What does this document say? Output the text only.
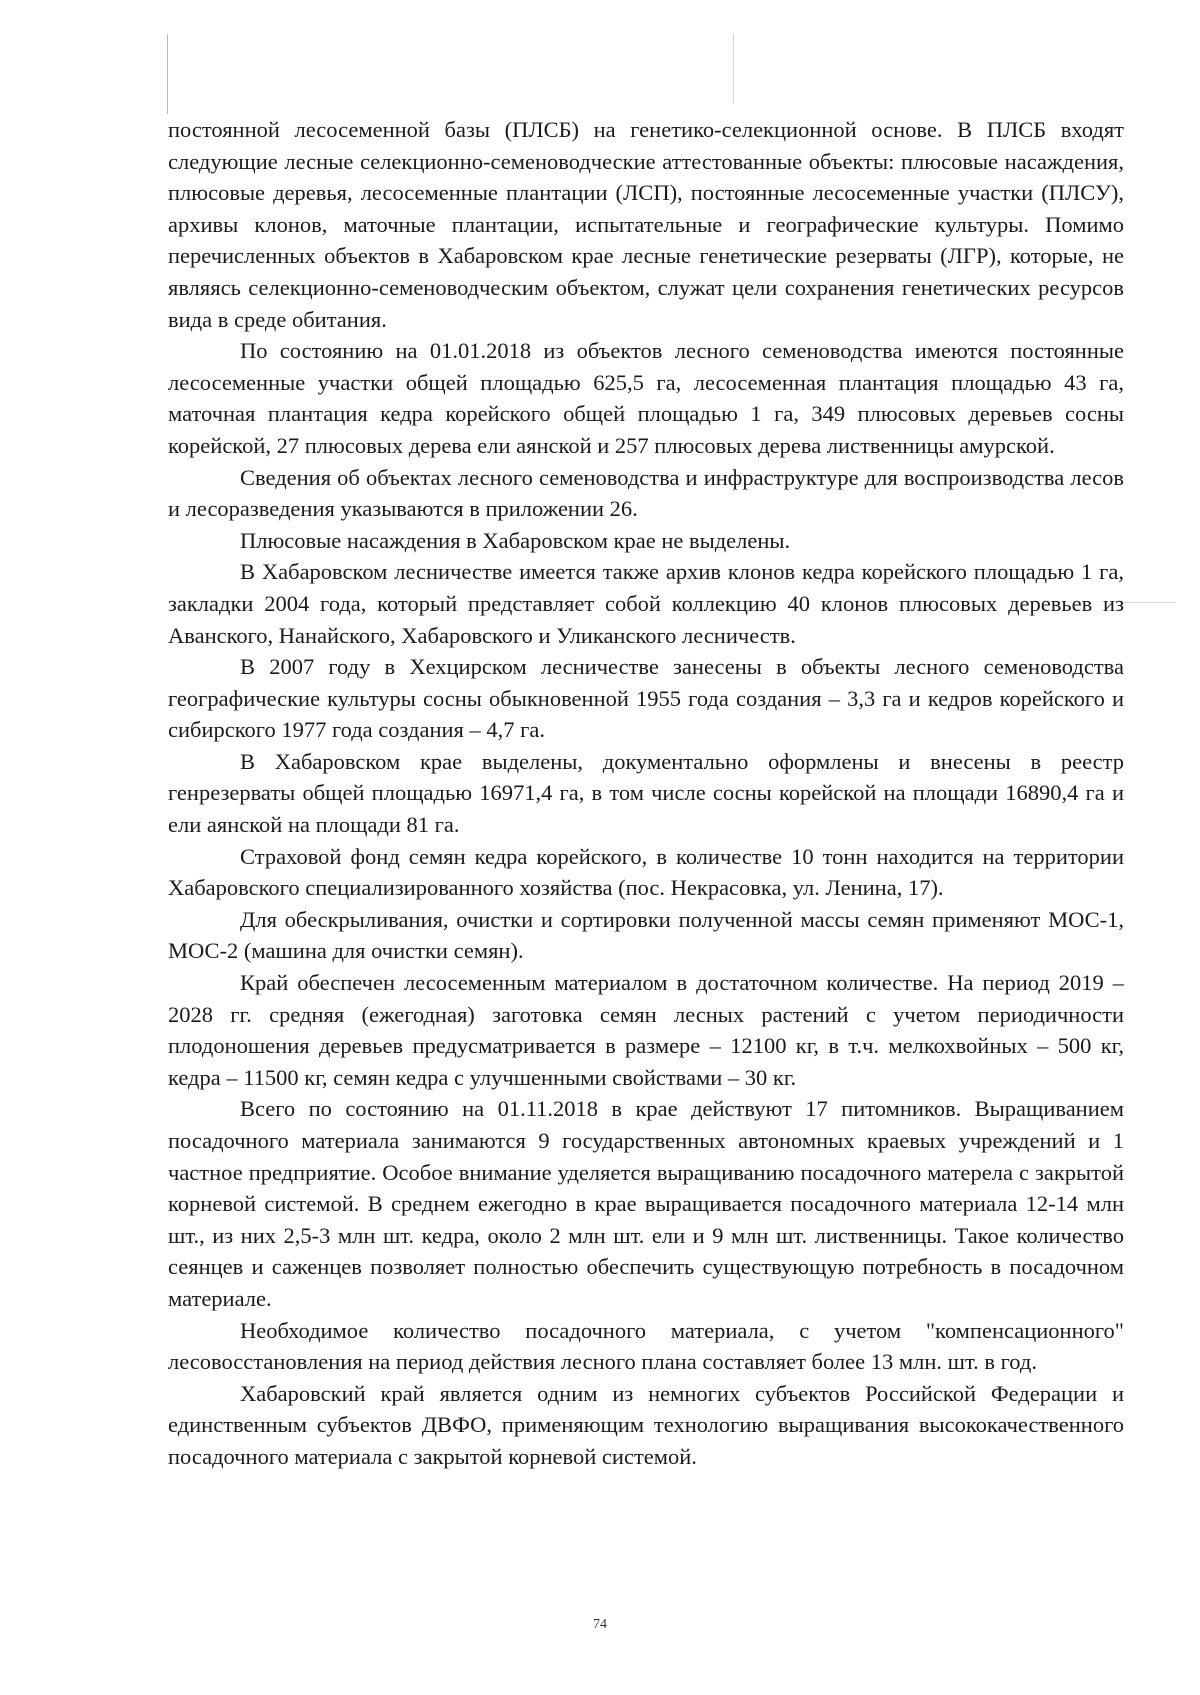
постоянной лесосеменной базы (ПЛСБ) на генетико-селекционной основе. В ПЛСБ входят следующие лесные селекционно-семеноводческие аттестованные объекты: плюсовые насаждения, плюсовые деревья, лесосеменные плантации (ЛСП), постоянные лесосеменные участки (ПЛСУ), архивы клонов, маточные плантации, испытательные и географические культуры. Помимо перечисленных объектов в Хабаровском крае лесные генетические резерваты (ЛГР), которые, не являясь селекционно-семеноводческим объектом, служат цели сохранения генетических ресурсов вида в среде обитания.

По состоянию на 01.01.2018 из объектов лесного семеноводства имеются постоянные лесосеменные участки общей площадью 625,5 га, лесосеменная плантация площадью 43 га, маточная плантация кедра корейского общей площадью 1 га, 349 плюсовых деревьев сосны корейской, 27 плюсовых дерева ели аянской и 257 плюсовых дерева лиственницы амурской.

Сведения об объектах лесного семеноводства и инфраструктуре для воспроизводства лесов и лесоразведения указываются в приложении 26.

Плюсовые насаждения в Хабаровском крае не выделены.

В Хабаровском лесничестве имеется также архив клонов кедра корейского площадью 1 га, закладки 2004 года, который представляет собой коллекцию 40 клонов плюсовых деревьев из Аванского, Нанайского, Хабаровского и Уликанского лесничеств.

В 2007 году в Хехцирском лесничестве занесены в объекты лесного семеноводства географические культуры сосны обыкновенной 1955 года создания – 3,3 га и кедров корейского и сибирского 1977 года создания – 4,7 га.

В Хабаровском крае выделены, документально оформлены и внесены в реестр генрезерваты общей площадью 16971,4 га, в том числе сосны корейской на площади 16890,4 га и ели аянской на площади 81 га.

Страховой фонд семян кедра корейского, в количестве 10 тонн находится на территории Хабаровского специализированного хозяйства (пос. Некрасовка, ул. Ленина, 17).

Для обескрыливания, очистки и сортировки полученной массы семян применяют МОС-1, МОС-2 (машина для очистки семян).

Край обеспечен лесосеменным материалом в достаточном количестве. На период 2019 – 2028 гг. средняя (ежегодная) заготовка семян лесных растений с учетом периодичности плодоношения деревьев предусматривается в размере – 12100 кг, в т.ч. мелкохвойных – 500 кг, кедра – 11500 кг, семян кедра с улучшенными свойствами – 30 кг.

Всего по состоянию на 01.11.2018 в крае действуют 17 питомников. Выращиванием посадочного материала занимаются 9 государственных автономных краевых учреждений и 1 частное предприятие. Особое внимание уделяется выращиванию посадочного матерела с закрытой корневой системой. В среднем ежегодно в крае выращивается посадочного материала 12-14 млн шт., из них 2,5-3 млн шт. кедра, около 2 млн шт. ели и 9 млн шт. лиственницы. Такое количество сеянцев и саженцев позволяет полностью обеспечить существующую потребность в посадочном материале.

Необходимое количество посадочного материала, с учетом "компенсационного" лесовосстановления на период действия лесного плана составляет более 13 млн. шт. в год.

Хабаровский край является одним из немногих субъектов Российской Федерации и единственным субъектов ДВФО, применяющим технологию выращивания высококачественного посадочного материала с закрытой корневой системой.

74
